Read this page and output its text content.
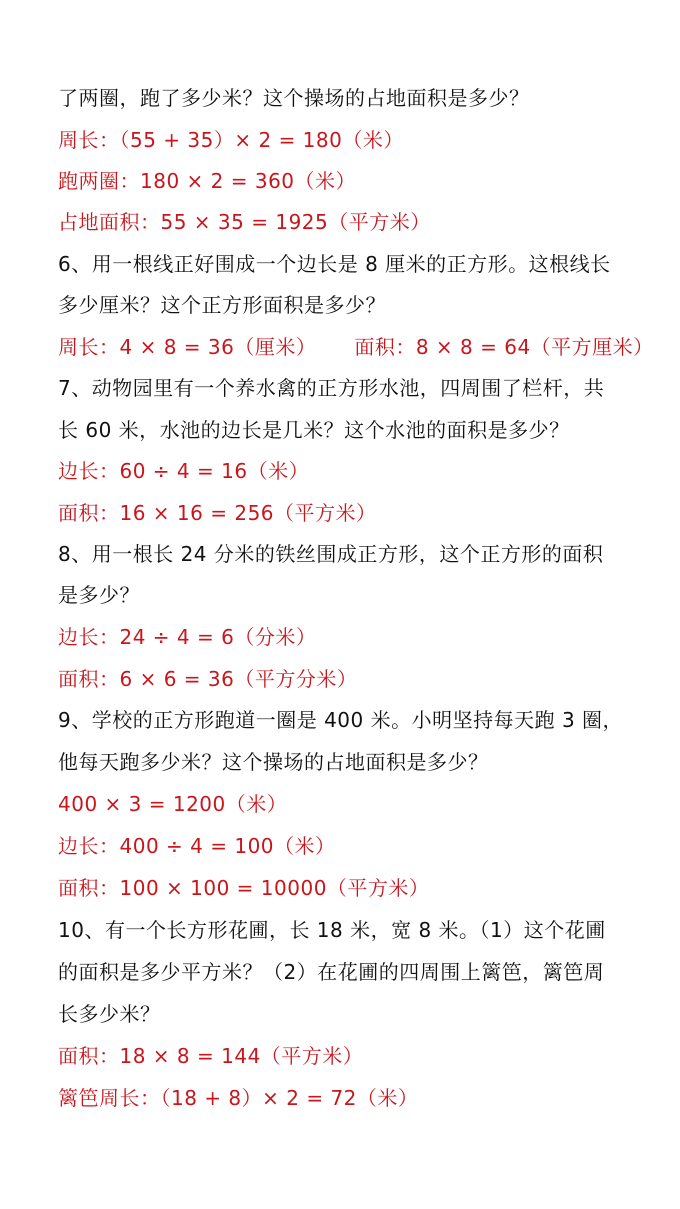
了两圈，跑了多少米？这个操场的占地面积是多少？
周长：（55 + 35）× 2 = 180（米）
跑两圈：180 × 2 = 360（米）
占地面积：55 × 35 = 1925（平方米）
6、用一根线正好围成一个边长是 8 厘米的正方形。这根线长
多少厘米？这个正方形面积是多少？
周长：4 × 8 = 36（厘米） 面积：8 × 8 = 64（平方厘米）
7、动物园里有一个养水禽的正方形水池，四周围了栏杆，共
长 60 米，水池的边长是几米？这个水池的面积是多少？
边长：60 ÷ 4 = 16（米）
面积：16 × 16 = 256（平方米）
8、用一根长 24 分米的铁丝围成正方形，这个正方形的面积
是多少？
边长：24 ÷ 4 = 6（分米）
面积：6 × 6 = 36（平方分米）
9、学校的正方形跑道一圈是 400 米。小明坚持每天跑 3 圈，
他每天跑多少米？这个操场的占地面积是多少？
400 × 3 = 1200（米）
边长：400 ÷ 4 = 100（米）
面积：100 × 100 = 10000（平方米）
10、有一个长方形花圃，长 18 米，宽 8 米。（1）这个花圃
的面积是多少平方米？（2）在花圃的四周围上篱笆，篱笆周
长多少米？
面积：18 × 8 = 144（平方米）
篱笆周长：（18 + 8）× 2 = 72（米）
